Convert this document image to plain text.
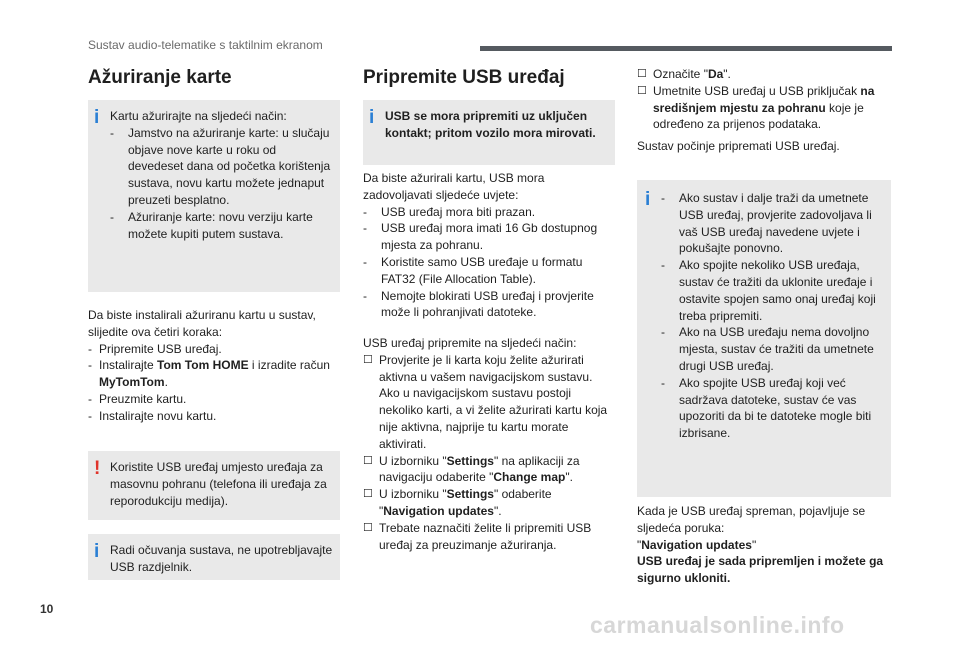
Sustav audio-telematike s taktilnim ekranom
Ažuriranje karte
i Kartu ažurirajte na sljedeći način:

- Jamstvo na ažuriranje karte: u slučaju objave nove karte u roku od devedeset dana od početka korištenja sustava, novu kartu možete jednaput preuzeti besplatno.

- Ažuriranje karte: novu verziju karte možete kupiti putem sustava.

Da biste instalirali ažuriranu kartu u sustav, slijedite ova četiri koraka:

- Pripremite USB uređaj.

- Instalirajte Tom Tom HOME i izradite račun MyTomTom.

- Preuzmite kartu.

- Instalirajte novu kartu.

! Koristite USB uređaj umjesto uređaja za masovnu pohranu (telefona ili uređaja za reporodukciju medija).

i Radi očuvanja sustava, ne upotrebljavajte USB razdjelnik.

Pripremite USB uređaj
i USB se mora pripremiti uz uključen kontakt; pritom vozilo mora mirovati.

Da biste ažurirali kartu, USB mora zadovoljavati sljedeće uvjete:

- USB uređaj mora biti prazan.

- USB uređaj mora imati 16 Gb dostupnog mjesta za pohranu.

- Koristite samo USB uređaje u formatu FAT32 (File Allocation Table).

- Nemojte blokirati USB uređaj i provjerite može li pohranjivati datoteke.

USB uređaj pripremite na sljedeći način:

☐ Provjerite je li karta koju želite ažurirati aktivna u vašem navigacijskom sustavu. Ako u navigacijskom sustavu postoji nekoliko karti, a vi želite ažurirati kartu koja nije aktivna, najprije tu kartu morate aktivirati.

☐ U izborniku "Settings" na aplikaciji za navigaciju odaberite "Change map".

☐ U izborniku "Settings" odaberite "Navigation updates".

☐ Trebate naznačiti želite li pripremiti USB uređaj za preuzimanje ažuriranja.

☐ Označite "Da".

☐ Umetnite USB uređaj u USB priključak na središnjem mjestu za pohranu koje je određeno za prijenos podataka.

Sustav počinje pripremati USB uređaj.
i - Ako sustav i dalje traži da umetnete USB uređaj, provjerite zadovoljava li vaš USB uređaj navedene uvjete i pokušajte ponovno.

- Ako spojite nekoliko USB uređaja, sustav će tražiti da uklonite uređaje i ostavite spojen samo onaj uređaj koji treba pripremiti.

- Ako na USB uređaju nema dovoljno mjesta, sustav će tražiti da umetnete drugi USB uređaj.

- Ako spojite USB uređaj koji već sadržava datoteke, sustav će vas upozoriti da bi te datoteke mogle biti izbrisane.

Kada je USB uređaj spreman, pojavljuje se sljedeća poruka:

"Navigation updates"

USB uređaj je sada pripremljen i možete ga sigurno ukloniti.

10
carmanualsonline.info
